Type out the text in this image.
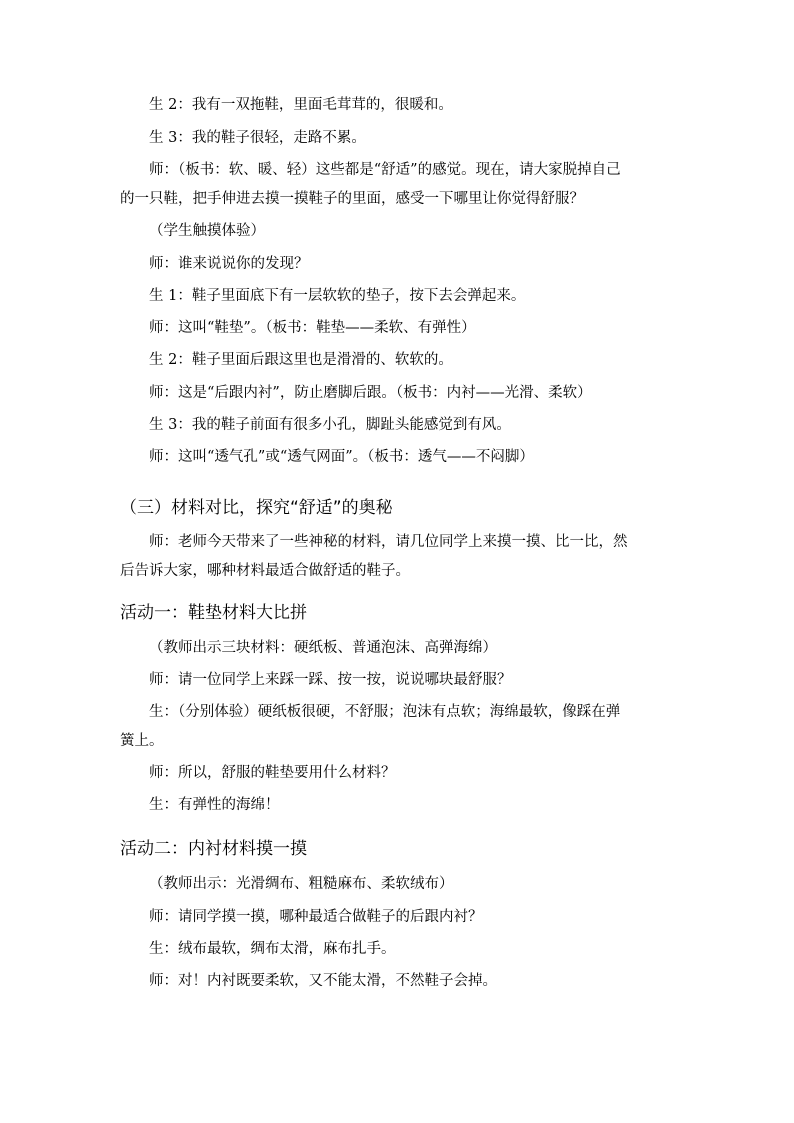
生 2：我有一双拖鞋，里面毛茸茸的，很暖和。
生 3：我的鞋子很轻，走路不累。
师：（板书：软、暖、轻）这些都是“舒适”的感觉。现在，请大家脱掉自己
的一只鞋，把手伸进去摸一摸鞋子的里面，感受一下哪里让你觉得舒服？
（学生触摸体验）
师：谁来说说你的发现？
生 1：鞋子里面底下有一层软软的垫子，按下去会弹起来。
师：这叫“鞋垫”。（板书：鞋垫——柔软、有弹性）
生 2：鞋子里面后跟这里也是滑滑的、软软的。
师：这是“后跟内衬”，防止磨脚后跟。（板书：内衬——光滑、柔软）
生 3：我的鞋子前面有很多小孔，脚趾头能感觉到有风。
师：这叫“透气孔”或“透气网面”。（板书：透气——不闷脚）
（三）材料对比，探究“舒适”的奥秘
师：老师今天带来了一些神秘的材料，请几位同学上来摸一摸、比一比，然
后告诉大家，哪种材料最适合做舒适的鞋子。
活动一：鞋垫材料大比拼
（教师出示三块材料：硬纸板、普通泡沫、高弹海绵）
师：请一位同学上来踩一踩、按一按，说说哪块最舒服？
生：（分别体验）硬纸板很硬，不舒服；泡沫有点软；海绵最软，像踩在弹
簧上。
师：所以，舒服的鞋垫要用什么材料？
生：有弹性的海绵！
活动二：内衬材料摸一摸
（教师出示：光滑绸布、粗糙麻布、柔软绒布）
师：请同学摸一摸，哪种最适合做鞋子的后跟内衬？
生：绒布最软，绸布太滑，麻布扎手。
师：对！内衬既要柔软，又不能太滑，不然鞋子会掉。
